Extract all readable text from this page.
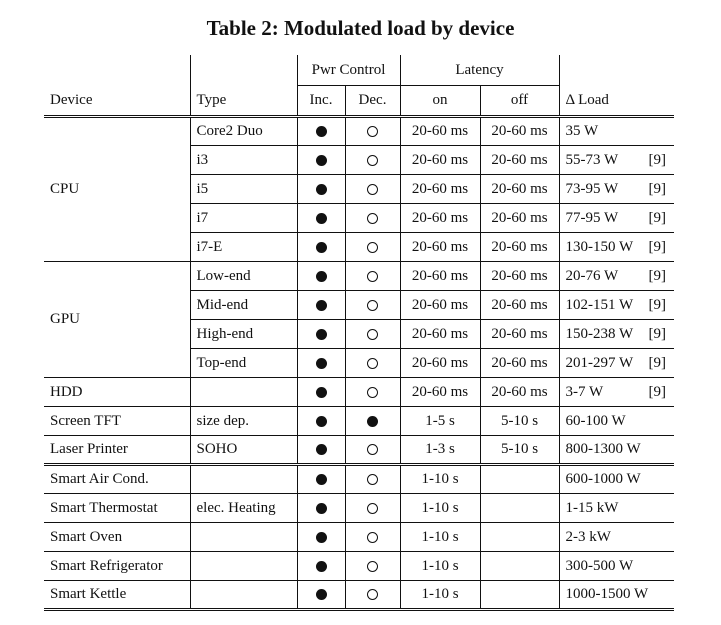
Table 2: Modulated load by device
		Pwr Control		Latency		
Device	Type	Inc.	Dec.	on	off	Δ Load
CPU	Core2 Duo			20-60 ms	20-60 ms	35 W

	i3			20-60 ms	20-60 ms	55-73 W [9]

	i5			20-60 ms	20-60 ms	73-95 W [9]

	i7			20-60 ms	20-60 ms	77-95 W [9]

	i7-E			20-60 ms	20-60 ms	130-150 W [9]

GPU	Low-end			20-60 ms	20-60 ms	20-76 W [9]

	Mid-end			20-60 ms	20-60 ms	102-151 W [9]

	High-end			20-60 ms	20-60 ms	150-238 W [9]

	Top-end			20-60 ms	20-60 ms	201-297 W [9]

HDD				20-60 ms	20-60 ms	3-7 W [9]

Screen TFT	size dep.			1-5 s	5-10 s	60-100 W

Laser Printer	SOHO			1-3 s	5-10 s	800-1300 W

Smart Air Cond.				1-10 s		600-1000 W

Smart Thermostat	elec. Heating			1-10 s		1-15 kW

Smart Oven				1-10 s		2-3 kW

Smart Refrigerator				1-10 s		300-500 W

Smart Kettle				1-10 s		1000-1500 W
